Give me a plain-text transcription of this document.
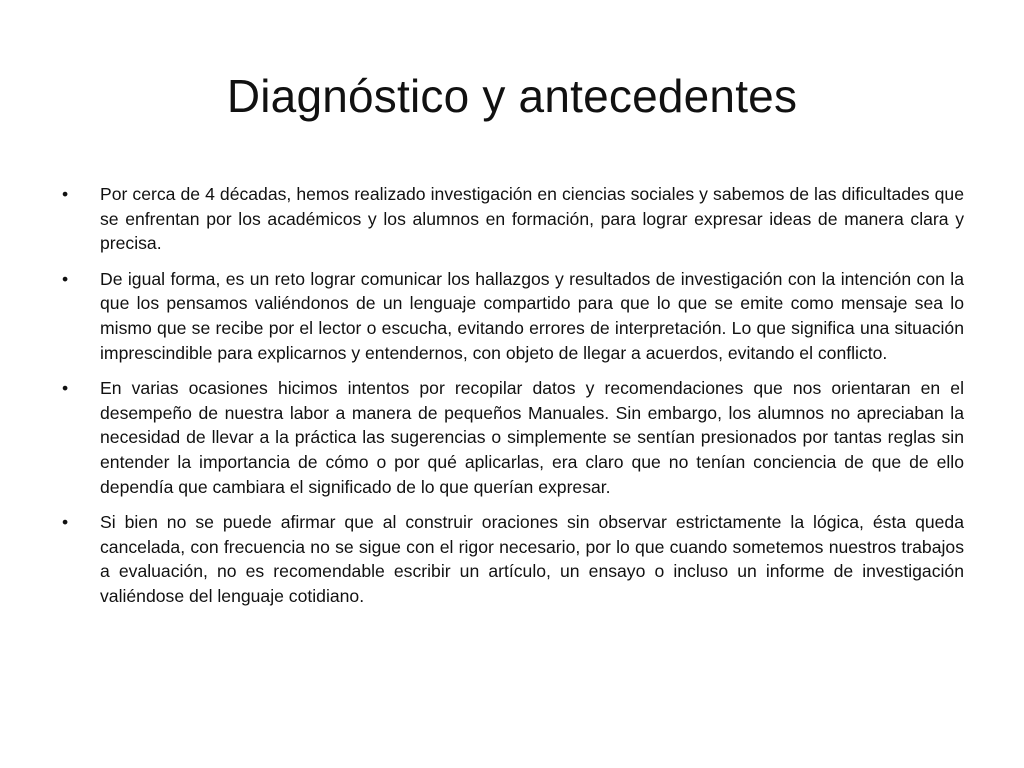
Diagnóstico y antecedentes
•	Por cerca de 4 décadas, hemos realizado investigación en ciencias sociales y sabemos de las dificultades que se enfrentan por los académicos y los alumnos en formación, para lograr expresar ideas de manera clara y precisa.
•	De igual forma, es un reto lograr comunicar los hallazgos y resultados de investigación con la intención con la que los pensamos valiéndonos de un lenguaje compartido para que lo que se emite como mensaje sea lo mismo que se recibe por el lector o escucha, evitando errores de interpretación. Lo que significa una situación imprescindible para explicarnos y entendernos, con objeto de llegar a acuerdos, evitando el conflicto.
•	En varias ocasiones hicimos intentos por recopilar datos y recomendaciones que nos orientaran en el desempeño de nuestra labor a manera de pequeños Manuales. Sin embargo, los alumnos no apreciaban la necesidad de llevar a la práctica las sugerencias o simplemente se sentían presionados por tantas reglas sin entender la importancia de cómo o por qué aplicarlas, era claro que no tenían conciencia de que de ello dependía que cambiara el significado de lo que querían expresar.
•	Si bien no se puede afirmar que al construir oraciones sin observar estrictamente la lógica, ésta queda cancelada, con frecuencia no se sigue con el rigor necesario, por lo que cuando sometemos nuestros trabajos a evaluación, no es recomendable escribir un artículo, un ensayo o incluso un informe de investigación valiéndose del lenguaje cotidiano.
